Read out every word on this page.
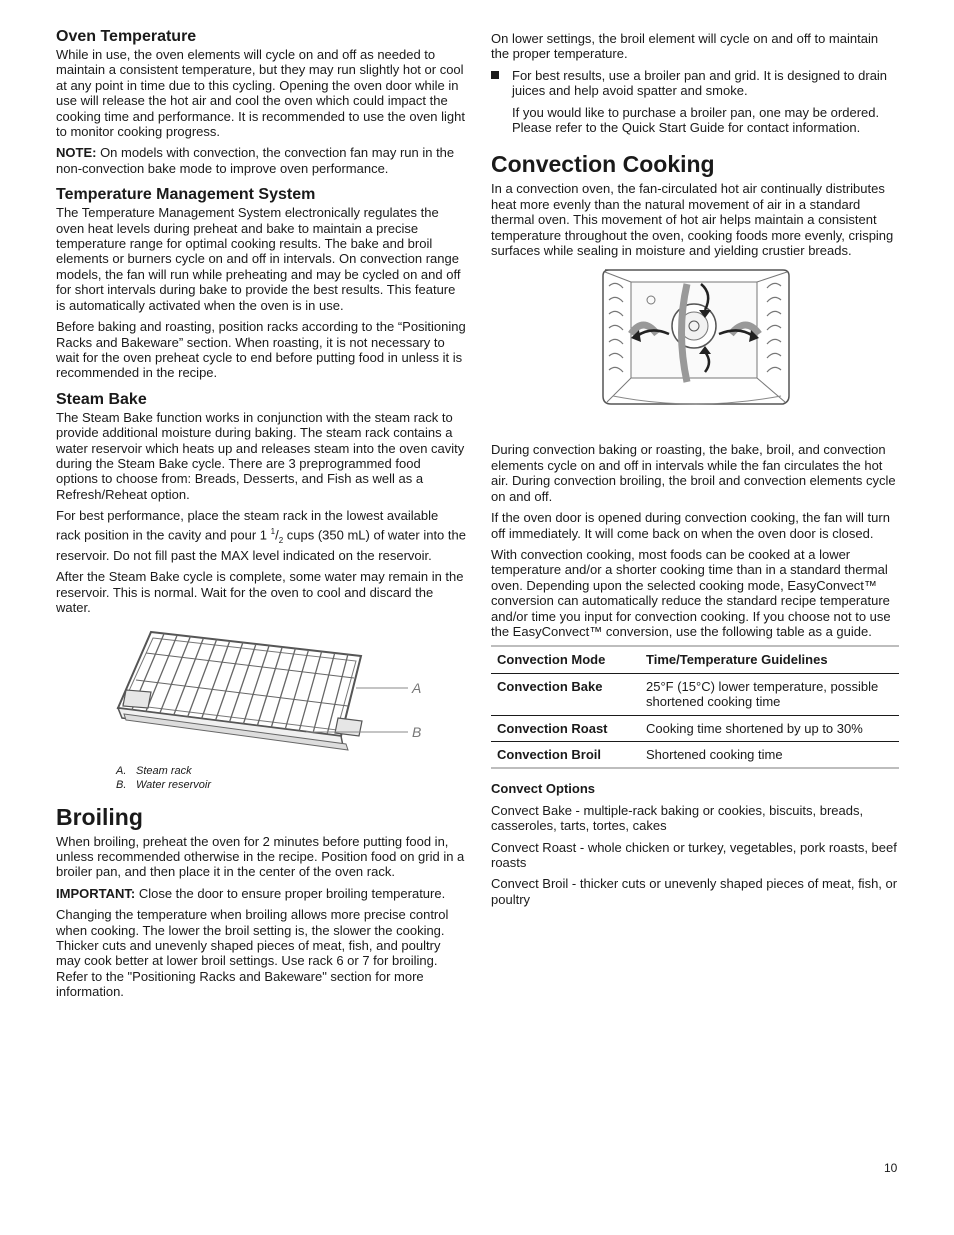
Oven Temperature

While in use, the oven elements will cycle on and off as needed to maintain a consistent temperature, but they may run slightly hot or cool at any point in time due to this cycling. Opening the oven door while in use will release the hot air and cool the oven which could impact the cooking time and performance. It is recommended to use the oven light to monitor cooking progress.

NOTE: On models with convection, the convection fan may run in the non-convection bake mode to improve oven performance.

Temperature Management System

The Temperature Management System electronically regulates the oven heat levels during preheat and bake to maintain a precise temperature range for optimal cooking results. The bake and broil elements or burners cycle on and off in intervals. On convection range models, the fan will run while preheating and may be cycled on and off for short intervals during bake to provide the best results. This feature is automatically activated when the oven is in use.

Before baking and roasting, position racks according to the “Positioning Racks and Bakeware” section. When roasting, it is not necessary to wait for the oven preheat cycle to end before putting food in unless it is recommended in the recipe.

Steam Bake

The Steam Bake function works in conjunction with the steam rack to provide additional moisture during baking. The steam rack contains a water reservoir which heats up and releases steam into the oven cavity during the Steam Bake cycle. There are 3 preprogrammed food options to choose from: Breads, Desserts, and Fish as well as a Refresh/Reheat option.

For best performance, place the steam rack in the lowest available rack position in the cavity and pour 1 $^1/_2$ cups (350 mL) of water into the reservoir. Do not fill past the MAX level indicated on the reservoir.

After the Steam Bake cycle is complete, some water may remain in the reservoir. This is normal. Wait for the oven to cool and discard the water.

A
B

A. Steam rack

B. Water reservoir

Broiling

When broiling, preheat the oven for 2 minutes before putting food in, unless recommended otherwise in the recipe. Position food on grid in a broiler pan, and then place it in the center of the oven rack.

IMPORTANT: Close the door to ensure proper broiling temperature.

Changing the temperature when broiling allows more precise control when cooking. The lower the broil setting is, the slower the cooking. Thicker cuts and unevenly shaped pieces of meat, fish, and poultry may cook better at lower broil settings. Use rack 6 or 7 for broiling. Refer to the "Positioning Racks and Bakeware" section for more information.

On lower settings, the broil element will cycle on and off to maintain the proper temperature.

For best results, use a broiler pan and grid. It is designed to drain juices and help avoid spatter and smoke.

If you would like to purchase a broiler pan, one may be ordered. Please refer to the Quick Start Guide for contact information.

Convection Cooking

In a convection oven, the fan-circulated hot air continually distributes heat more evenly than the natural movement of air in a standard thermal oven. This movement of hot air helps maintain a consistent temperature throughout the oven, cooking foods more evenly, crisping surfaces while sealing in moisture and yielding crustier breads.

During convection baking or roasting, the bake, broil, and convection elements cycle on and off in intervals while the fan circulates the hot air. During convection broiling, the broil and convection elements cycle on and off.

If the oven door is opened during convection cooking, the fan will turn off immediately. It will come back on when the oven door is closed.

With convection cooking, most foods can be cooked at a lower temperature and/or a shorter cooking time than in a standard thermal oven. Depending upon the selected cooking mode, EasyConvect™ conversion can automatically reduce the standard recipe temperature and/or time you input for convection cooking. If you choose not to use the EasyConvect™ conversion, use the following table as a guide.

Convection Mode	Time/Temperature Guidelines
Convection Bake	25°F (15°C) lower temperature, possible shortened cooking time
Convection Roast	Cooking time shortened by up to 30%
Convection Broil	Shortened cooking time

Convect Options

Convect Bake - multiple-rack baking or cookies, biscuits, breads, casseroles, tarts, tortes, cakes

Convect Roast - whole chicken or turkey, vegetables, pork roasts, beef roasts

Convect Broil - thicker cuts or unevenly shaped pieces of meat, fish, or poultry

10
